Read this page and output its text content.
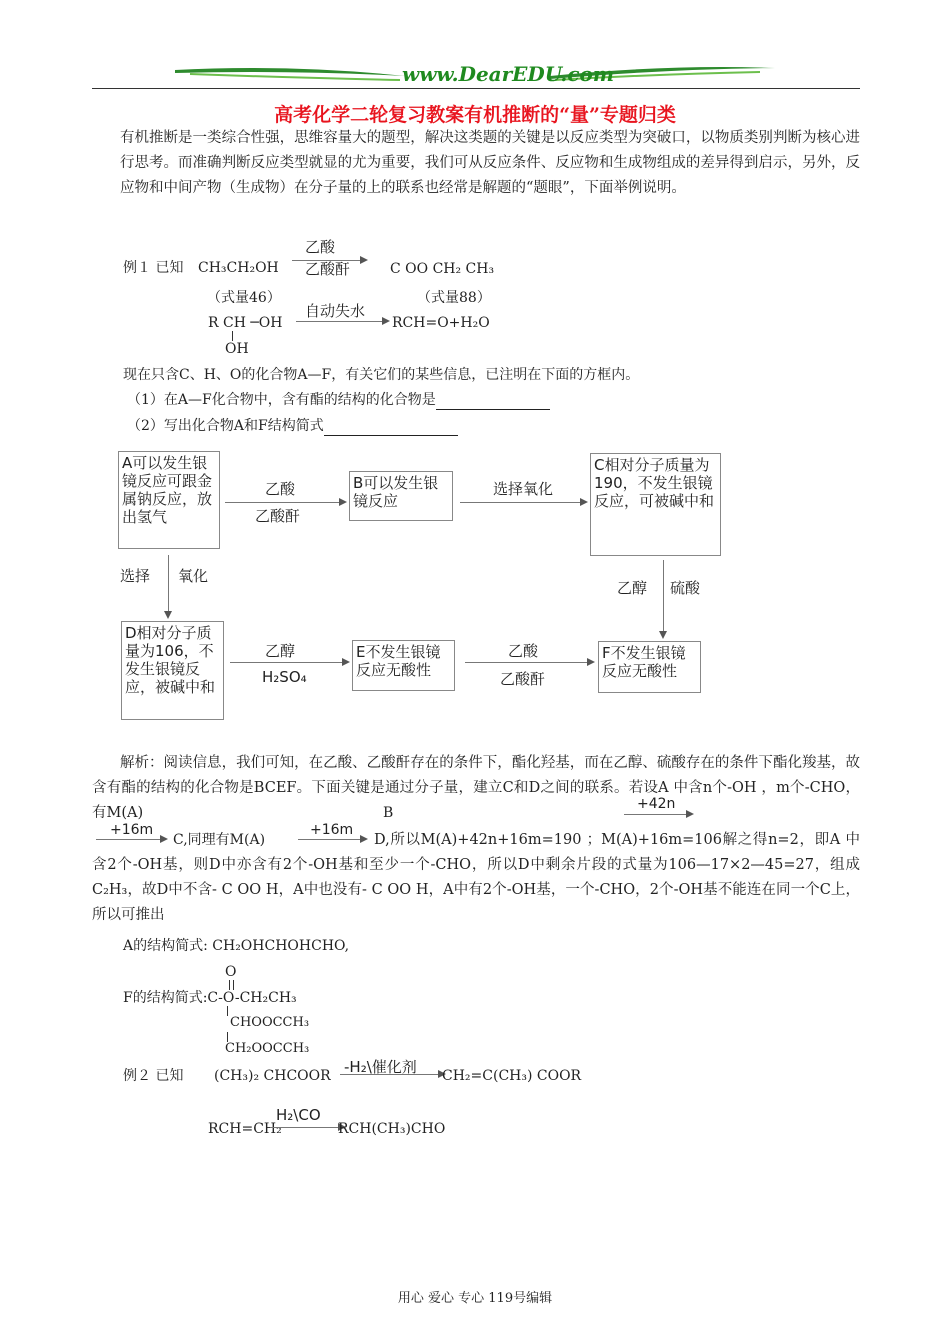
www.DearEDU.com
高考化学二轮复习教案有机推断的“量”专题归类
有机推断是一类综合性强，思维容量大的题型，解决这类题的关键是以反应类型为突破口，以物质类别判断为核心进行思考。而准确判断反应类型就显的尤为重要，我们可从反应条件、反应物和生成物组成的差异得到启示，另外，反应物和中间产物（生成物）在分子量的上的联系也经常是解题的“题眼”，下面举例说明。
例１ 已知 CH₃CH₂OH
乙酸
乙酸酐	C OO CH₂ CH₃
（式量46）	（式量88）
R CH ─OH
OH
自动失水
RCH=O+H₂O
现在只含C、H、O的化合物A—F，有关它们的某些信息，已注明在下面的方框内。
（1）在A—F化合物中，含有酯的结构的化合物是
（2）写出化合物A和F结构简式
A可以发生银镜反应可跟金属钠反应，放出氢气
B可以发生银镜反应
C相对分子质量为190，不发生银镜反应，可被碱中和
D相对分子质量为106，不发生银镜反应，被碱中和
E不发生银镜反应无酸性
F不发生银镜反应无酸性
乙酸
乙酸酐
选择氧化
选择 氧化
乙醇 硫酸
乙醇
H₂SO₄
乙酸
乙酸酐
解析：阅读信息，我们可知，在乙酸、乙酸酐存在的条件下，酯化羟基，而在乙醇、硫酸存在的条件下酯化羧基，故含有酯的结构的化合物是BCEF。下面关键是通过分子量，建立C和D之间的联系。若设A 中含n个-OH ，m个-CHO，有M(A)	B
+42n
+16m
C,同理有M(A)
+16m
D,所以M(A)+42n+16m=190 ；M(A)+16m=106解之得n=2，即A 中含2个-OH基，则D中亦含有2个-OH基和至少一个-CHO，所以D中剩余片段的式量为106—17×2—45=27，组成C₂H₃，故D中不含- C OO H，A中也没有- C OO H，A中有2个-OH基，一个-CHO，2个-OH基不能连在同一个C上，所以可推出
A的结构简式: CH₂OHCHOHCHO,
O
F的结构简式:C-O-CH₂CH₃
CHOOCCH₃
CH₂OOCCH₃
例２ 已知 (CH₃)₂ CHCOOR -H₂\催化剂 CH₂=C(CH₃) COOR
RCH=CH₂
H₂\CO
RCH(CH₃)CHO
用心 爱心 专心 119号编辑
